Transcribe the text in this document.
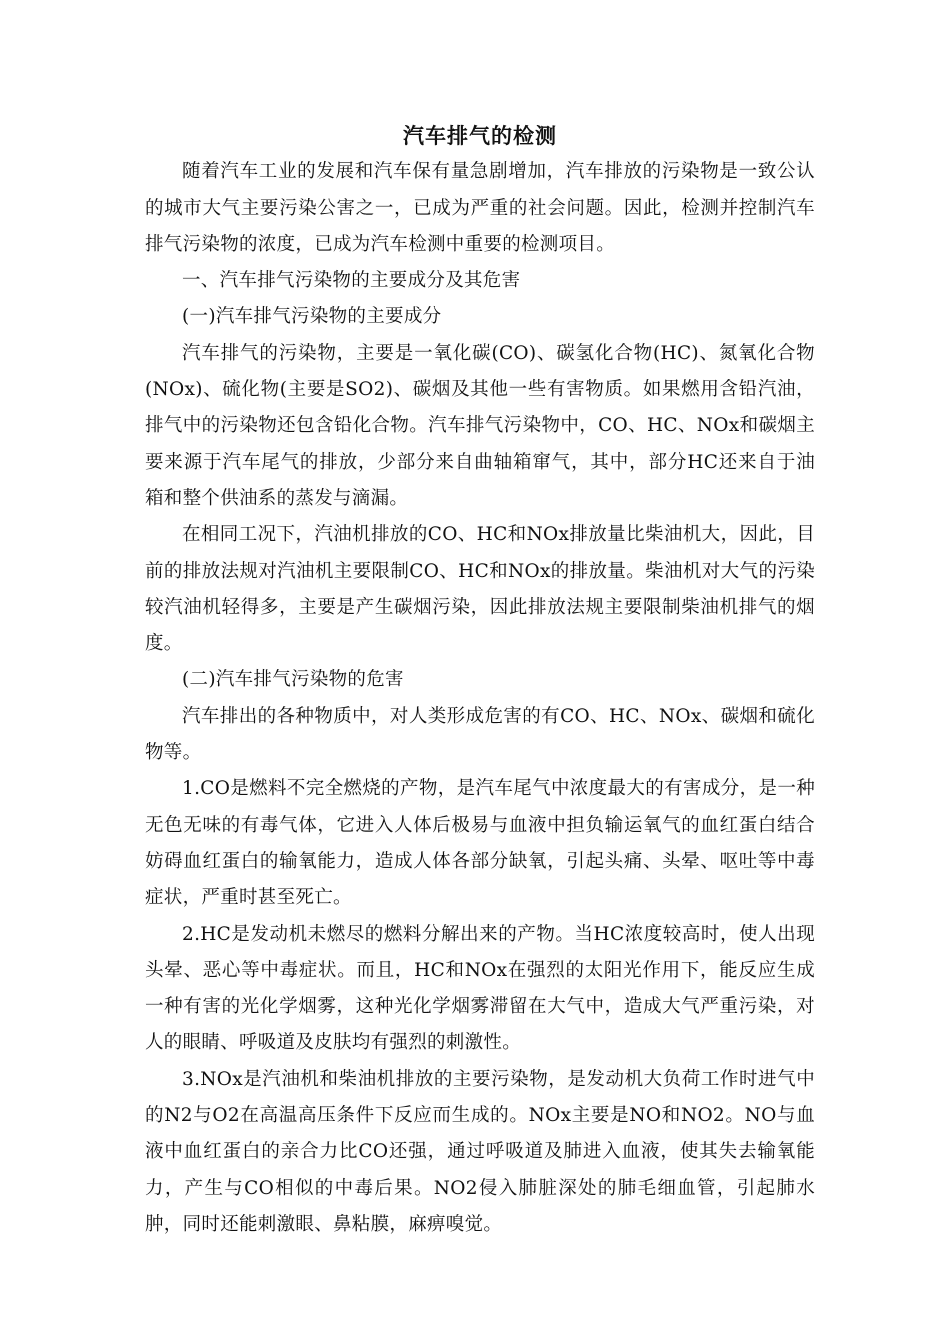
汽车排气的检测

随着汽车工业的发展和汽车保有量急剧增加，汽车排放的污染物是一致公认的城市大气主要污染公害之一，已成为严重的社会问题。因此，检测并控制汽车排气污染物的浓度，已成为汽车检测中重要的检测项目。

一、汽车排气污染物的主要成分及其危害

(一)汽车排气污染物的主要成分

汽车排气的污染物，主要是一氧化碳(CO)、碳氢化合物(HC)、氮氧化合物(NOx)、硫化物(主要是SO2)、碳烟及其他一些有害物质。如果燃用含铅汽油，排气中的污染物还包含铅化合物。汽车排气污染物中，CO、HC、NOx和碳烟主要来源于汽车尾气的排放，少部分来自曲轴箱窜气，其中，部分HC还来自于油箱和整个供油系的蒸发与滴漏。

在相同工况下，汽油机排放的CO、HC和NOx排放量比柴油机大，因此，目前的排放法规对汽油机主要限制CO、HC和NOx的排放量。柴油机对大气的污染较汽油机轻得多，主要是产生碳烟污染，因此排放法规主要限制柴油机排气的烟度。

(二)汽车排气污染物的危害

汽车排出的各种物质中，对人类形成危害的有CO、HC、NOx、碳烟和硫化物等。

1.CO是燃料不完全燃烧的产物，是汽车尾气中浓度最大的有害成分，是一种无色无味的有毒气体，它进入人体后极易与血液中担负输运氧气的血红蛋白结合妨碍血红蛋白的输氧能力，造成人体各部分缺氧，引起头痛、头晕、呕吐等中毒症状，严重时甚至死亡。

2.HC是发动机未燃尽的燃料分解出来的产物。当HC浓度较高时，使人出现头晕、恶心等中毒症状。而且，HC和NOx在强烈的太阳光作用下，能反应生成一种有害的光化学烟雾，这种光化学烟雾滞留在大气中，造成大气严重污染，对人的眼睛、呼吸道及皮肤均有强烈的刺激性。

3.NOx是汽油机和柴油机排放的主要污染物，是发动机大负荷工作时进气中的N2与O2在高温高压条件下反应而生成的。NOx主要是NO和NO2。NO与血液中血红蛋白的亲合力比CO还强，通过呼吸道及肺进入血液，使其失去输氧能力，产生与CO相似的中毒后果。NO2侵入肺脏深处的肺毛细血管，引起肺水肿，同时还能刺激眼、鼻粘膜，麻痹嗅觉。
